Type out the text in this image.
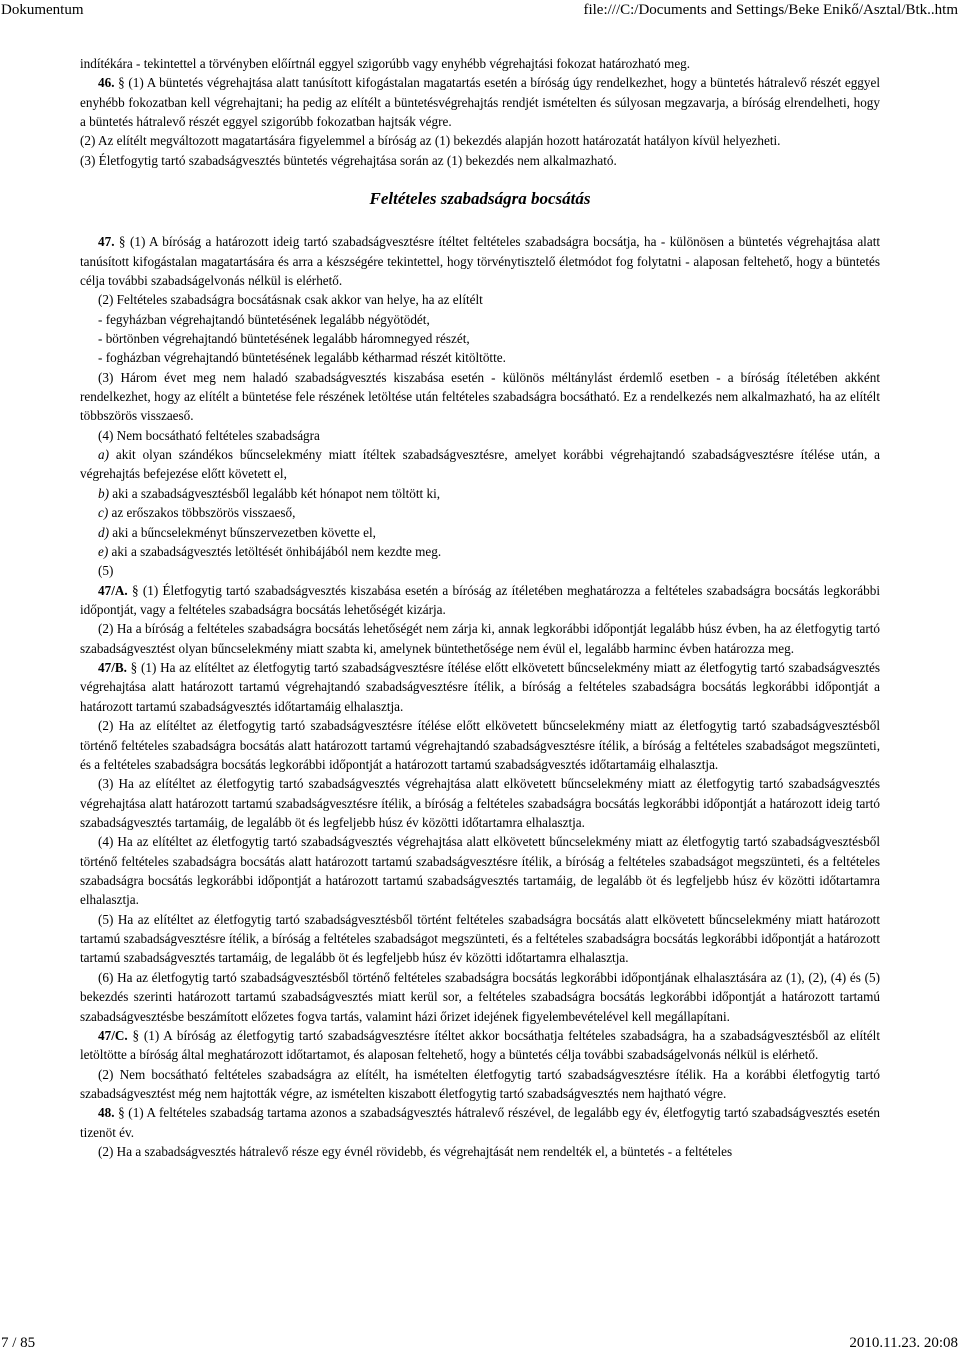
Dokumentum	file:///C:/Documents and Settings/Beke Enikő/Asztal/Btk..htm

indítékára - tekintettel a törvényben előírtnál eggyel szigorúbb vagy enyhébb végrehajtási fokozat határozható meg.

46. § (1) A büntetés végrehajtása alatt tanúsított kifogástalan magatartás esetén a bíróság úgy rendelkezhet, hogy a büntetés hátralevő részét eggyel enyhébb fokozatban kell végrehajtani; ha pedig az elítélt a büntetésvégrehajtás rendjét ismételten és súlyosan megzavarja, a bíróság elrendelheti, hogy a büntetés hátralevő részét eggyel szigorúbb fokozatban hajtsák végre.

(2) Az elítélt megváltozott magatartására figyelemmel a bíróság az (1) bekezdés alapján hozott határozatát hatályon kívül helyezheti.

(3) Életfogytig tartó szabadságvesztés büntetés végrehajtása során az (1) bekezdés nem alkalmazható.

Feltételes szabadságra bocsátás

47. § (1) A bíróság a határozott ideig tartó szabadságvesztésre ítéltet feltételes szabadságra bocsátja, ha - különösen a büntetés végrehajtása alatt tanúsított kifogástalan magatartására és arra a készségére tekintettel, hogy törvénytisztelő életmódot fog folytatni - alaposan feltehető, hogy a büntetés célja további szabadságelvonás nélkül is elérhető.

(2) Feltételes szabadságra bocsátásnak csak akkor van helye, ha az elítélt

- fegyházban végrehajtandó büntetésének legalább négyötödét,

- börtönben végrehajtandó büntetésének legalább háromnegyed részét,

- fogházban végrehajtandó büntetésének legalább kétharmad részét kitöltötte.

(3) Három évet meg nem haladó szabadságvesztés kiszabása esetén - különös méltánylást érdemlő esetben - a bíróság ítéletében akként rendelkezhet, hogy az elítélt a büntetése fele részének letöltése után feltételes szabadságra bocsátható. Ez a rendelkezés nem alkalmazható, ha az elítélt többszörös visszaeső.

(4) Nem bocsátható feltételes szabadságra

a) akit olyan szándékos bűncselekmény miatt ítéltek szabadságvesztésre, amelyet korábbi végrehajtandó szabadságvesztésre ítélése után, a végrehajtás befejezése előtt követett el,

b) aki a szabadságvesztésből legalább két hónapot nem töltött ki,

c) az erőszakos többszörös visszaeső,

d) aki a bűncselekményt bűnszervezetben követte el,

e) aki a szabadságvesztés letöltését önhibájából nem kezdte meg.

(5)

47/A. § (1) Életfogytig tartó szabadságvesztés kiszabása esetén a bíróság az ítéletében meghatározza a feltételes szabadságra bocsátás legkorábbi időpontját, vagy a feltételes szabadságra bocsátás lehetőségét kizárja.

(2) Ha a bíróság a feltételes szabadságra bocsátás lehetőségét nem zárja ki, annak legkorábbi időpontját legalább húsz évben, ha az életfogytig tartó szabadságvesztést olyan bűncselekmény miatt szabta ki, amelynek büntethetősége nem évül el, legalább harminc évben határozza meg.

47/B. § (1) Ha az elítéltet az életfogytig tartó szabadságvesztésre ítélése előtt elkövetett bűncselekmény miatt az életfogytig tartó szabadságvesztés végrehajtása alatt határozott tartamú végrehajtandó szabadságvesztésre ítélik, a bíróság a feltételes szabadságra bocsátás legkorábbi időpontját a határozott tartamú szabadságvesztés időtartamáig elhalasztja.

(2) Ha az elítéltet az életfogytig tartó szabadságvesztésre ítélése előtt elkövetett bűncselekmény miatt az életfogytig tartó szabadságvesztésből történő feltételes szabadságra bocsátás alatt határozott tartamú végrehajtandó szabadságvesztésre ítélik, a bíróság a feltételes szabadságot megszünteti, és a feltételes szabadságra bocsátás legkorábbi időpontját a határozott tartamú szabadságvesztés időtartamáig elhalasztja.

(3) Ha az elítéltet az életfogytig tartó szabadságvesztés végrehajtása alatt elkövetett bűncselekmény miatt az életfogytig tartó szabadságvesztés végrehajtása alatt határozott tartamú szabadságvesztésre ítélik, a bíróság a feltételes szabadságra bocsátás legkorábbi időpontját a határozott ideig tartó szabadságvesztés tartamáig, de legalább öt és legfeljebb húsz év közötti időtartamra elhalasztja.

(4) Ha az elítéltet az életfogytig tartó szabadságvesztés végrehajtása alatt elkövetett bűncselekmény miatt az életfogytig tartó szabadságvesztésből történő feltételes szabadságra bocsátás alatt határozott tartamú szabadságvesztésre ítélik, a bíróság a feltételes szabadságot megszünteti, és a feltételes szabadságra bocsátás legkorábbi időpontját a határozott tartamú szabadságvesztés tartamáig, de legalább öt és legfeljebb húsz év közötti időtartamra elhalasztja.

(5) Ha az elítéltet az életfogytig tartó szabadságvesztésből történt feltételes szabadságra bocsátás alatt elkövetett bűncselekmény miatt határozott tartamú szabadságvesztésre ítélik, a bíróság a feltételes szabadságot megszünteti, és a feltételes szabadságra bocsátás legkorábbi időpontját a határozott tartamú szabadságvesztés tartamáig, de legalább öt és legfeljebb húsz év közötti időtartamra elhalasztja.

(6) Ha az életfogytig tartó szabadságvesztésből történő feltételes szabadságra bocsátás legkorábbi időpontjának elhalasztására az (1), (2), (4) és (5) bekezdés szerinti határozott tartamú szabadságvesztés miatt kerül sor, a feltételes szabadságra bocsátás legkorábbi időpontját a határozott tartamú szabadságvesztésbe beszámított előzetes fogva tartás, valamint házi őrizet idejének figyelembevételével kell megállapítani.

47/C. § (1) A bíróság az életfogytig tartó szabadságvesztésre ítéltet akkor bocsáthatja feltételes szabadságra, ha a szabadságvesztésből az elítélt letöltötte a bíróság által meghatározott időtartamot, és alaposan feltehető, hogy a büntetés célja további szabadságelvonás nélkül is elérhető.

(2) Nem bocsátható feltételes szabadságra az elítélt, ha ismételten életfogytig tartó szabadságvesztésre ítélik. Ha a korábbi életfogytig tartó szabadságvesztést még nem hajtották végre, az ismételten kiszabott életfogytig tartó szabadságvesztés nem hajtható végre.

48. § (1) A feltételes szabadság tartama azonos a szabadságvesztés hátralevő részével, de legalább egy év, életfogytig tartó szabadságvesztés esetén tizenöt év.

(2) Ha a szabadságvesztés hátralevő része egy évnél rövidebb, és végrehajtását nem rendelték el, a büntetés - a feltételes

7 / 85	2010.11.23. 20:08
